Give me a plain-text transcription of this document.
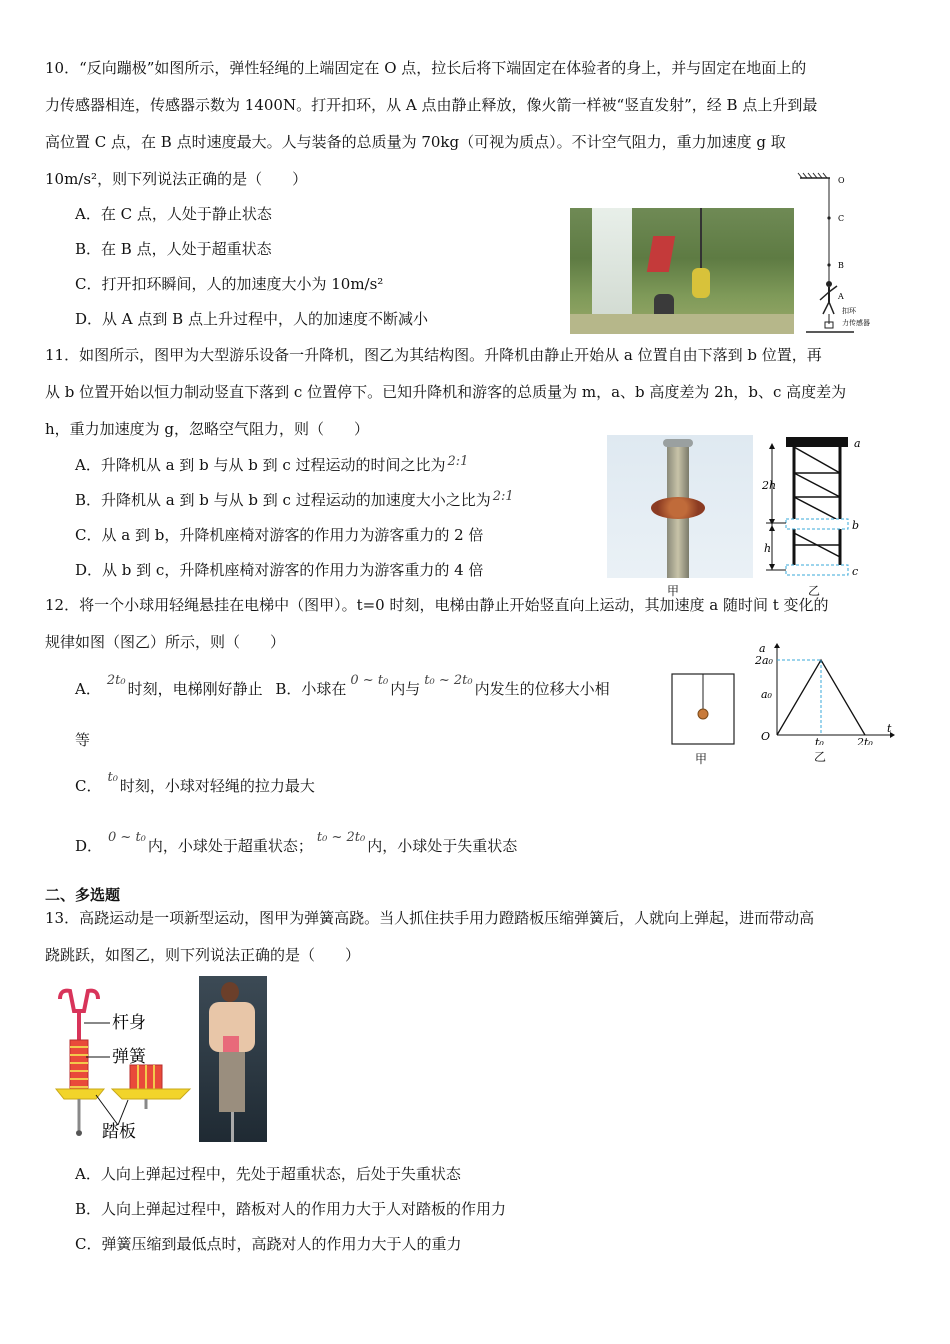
10．“反向蹦极”如图所示，弹性轻绳的上端固定在 O 点，拉长后将下端固定在体验者的身上，并与固定在地面上的
力传感器相连，传感器示数为 1400N。打开扣环，从 A 点由静止释放，像火箭一样被“竖直发射”，经 B 点上升到最
高位置 C 点，在 B 点时速度最大。人与装备的总质量为 70kg（可视为质点）。不计空气阻力，重力加速度 g 取
10m/s²，则下列说法正确的是（　　）
A．在 C 点，人处于静止状态
B．在 B 点，人处于超重状态
C．打开扣环瞬间，人的加速度大小为 10m/s²
D．从 A 点到 B 点上升过程中，人的加速度不断减小
O
C
B
A
扣环
力传感器
11．如图所示，图甲为大型游乐设备一升降机，图乙为其结构图。升降机由静止开始从 a 位置自由下落到 b 位置，再
从 b 位置开始以恒力制动竖直下落到 c 位置停下。已知升降机和游客的总质量为 m，a、b 高度差为 2h，b、c 高度差为
h，重力加速度为 g，忽略空气阻力，则（　　）
A．升降机从 a 到 b 与从 b 到 c 过程运动的时间之比为 2:1
B．升降机从 a 到 b 与从 b 到 c 过程运动的加速度大小之比为 2:1
C．从 a 到 b，升降机座椅对游客的作用力为游客重力的 2 倍
D．从 b 到 c，升降机座椅对游客的作用力为游客重力的 4 倍
甲
2h
h
a
b
c
乙
12．将一个小球用轻绳悬挂在电梯中（图甲）。t=0 时刻，电梯由静止开始竖直向上运动，其加速度 a 随时间 t 变化的
规律如图（图乙）所示，则（　　）
A． 2t₀ 时刻，电梯刚好静止 B．小球在 0 ~ t₀ 内与 t₀ ~ 2t₀ 内发生的位移大小相
等
C． t₀ 时刻，小球对轻绳的拉力最大
D． 0 ~ t₀ 内，小球处于超重状态； t₀ ~ 2t₀ 内，小球处于失重状态
甲
a
2a₀
a₀
O	t₀	2t₀
t
乙
二、多选题
13．高跷运动是一项新型运动，图甲为弹簧高跷。当人抓住扶手用力蹬踏板压缩弹簧后，人就向上弹起，进而带动高
跷跳跃，如图乙，则下列说法正确的是（　　）
杆身
弹簧
踏板
A．人向上弹起过程中，先处于超重状态，后处于失重状态
B．人向上弹起过程中，踏板对人的作用力大于人对踏板的作用力
C．弹簧压缩到最低点时，高跷对人的作用力大于人的重力
